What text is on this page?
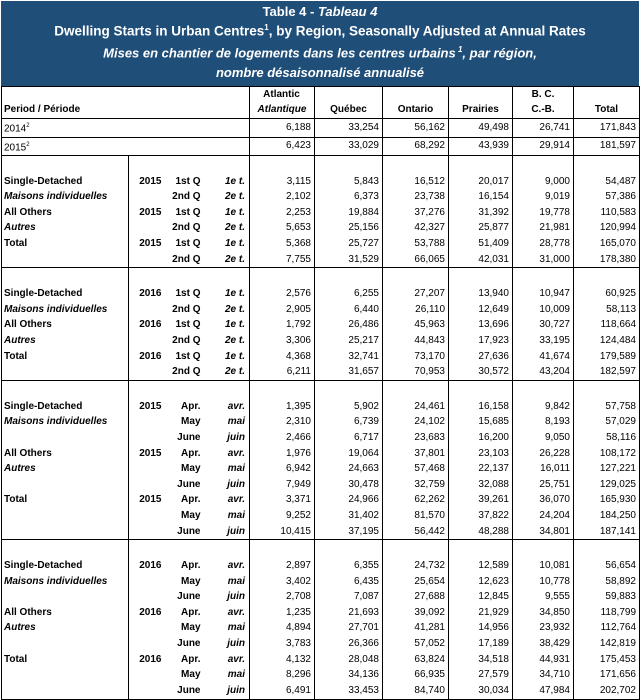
Table 4 - Tableau 4
Dwelling Starts in Urban Centres$^1$, by Region, Seasonally Adjusted at Annual Rates
Mises en chantier de logements dans les centres urbains $^1$, par région,
nombre désaisonnalisé annualisé
				Atlantic				B. C.	
Period / Période				Atlantique	Québec	Ontario	Prairies	C.-B.	Total
2014$^2$				6,188	33,254	56,162	49,498	26,741	171,843
2015$^2$				6,423	33,029	68,292	43,939	29,914	181,597

Single-Detached	2015	1st Q	1e t.	3,115	5,843	16,512	20,017	9,000	54,487
Maisons individuelles		2nd Q	2e t.	2,102	6,373	23,738	16,154	9,019	57,386
All Others	2015	1st Q	1e t.	2,253	19,884	37,276	31,392	19,778	110,583
Autres		2nd Q	2e t.	5,653	25,156	42,327	25,877	21,981	120,994
Total	2015	1st Q	1e t.	5,368	25,727	53,788	51,409	28,778	165,070
		2nd Q	2e t.	7,755	31,529	66,065	42,031	31,000	178,380

Single-Detached	2016	1st Q	1e t.	2,576	6,255	27,207	13,940	10,947	60,925
Maisons individuelles		2nd Q	2e t.	2,905	6,440	26,110	12,649	10,009	58,113
All Others	2016	1st Q	1e t.	1,792	26,486	45,963	13,696	30,727	118,664
Autres		2nd Q	2e t.	3,306	25,217	44,843	17,923	33,195	124,484
Total	2016	1st Q	1e t.	4,368	32,741	73,170	27,636	41,674	179,589
		2nd Q	2e t.	6,211	31,657	70,953	30,572	43,204	182,597

Single-Detached	2015	Apr.	avr.	1,395	5,902	24,461	16,158	9,842	57,758
Maisons individuelles		May	mai	2,310	6,739	24,102	15,685	8,193	57,029
		June	juin	2,466	6,717	23,683	16,200	9,050	58,116
All Others	2015	Apr.	avr.	1,976	19,064	37,801	23,103	26,228	108,172
Autres		May	mai	6,942	24,663	57,468	22,137	16,011	127,221
		June	juin	7,949	30,478	32,759	32,088	25,751	129,025
Total	2015	Apr.	avr.	3,371	24,966	62,262	39,261	36,070	165,930
		May	mai	9,252	31,402	81,570	37,822	24,204	184,250
		June	juin	10,415	37,195	56,442	48,288	34,801	187,141

Single-Detached	2016	Apr.	avr.	2,897	6,355	24,732	12,589	10,081	56,654
Maisons individuelles		May	mai	3,402	6,435	25,654	12,623	10,778	58,892
		June	juin	2,708	7,087	27,688	12,845	9,555	59,883
All Others	2016	Apr.	avr.	1,235	21,693	39,092	21,929	34,850	118,799
Autres		May	mai	4,894	27,701	41,281	14,956	23,932	112,764
		June	juin	3,783	26,366	57,052	17,189	38,429	142,819
Total	2016	Apr.	avr.	4,132	28,048	63,824	34,518	44,931	175,453
		May	mai	8,296	34,136	66,935	27,579	34,710	171,656
		June	juin	6,491	33,453	84,740	30,034	47,984	202,702
